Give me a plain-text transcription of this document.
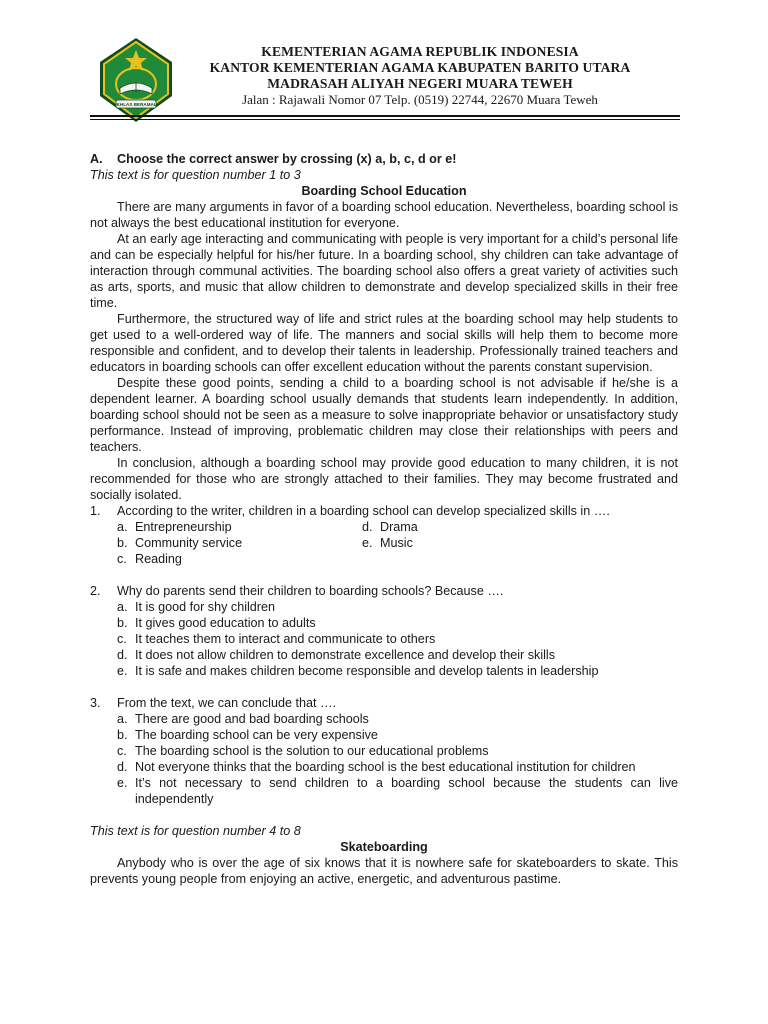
IKHLAS BERAMAL
KEMENTERIAN AGAMA REPUBLIK INDONESIA
KANTOR KEMENTERIAN AGAMA KABUPATEN BARITO UTARA
MADRASAH ALIYAH NEGERI MUARA TEWEH
Jalan : Rajawali Nomor 07 Telp. (0519) 22744, 22670 Muara Teweh

A. Choose the correct answer by crossing (x) a, b, c, d or e!

This text is for question number 1 to 3

Boarding School Education

There are many arguments in favor of a boarding school education. Nevertheless, boarding school is not always the best educational institution for everyone.

At an early age interacting and communicating with people is very important for a child’s personal life and can be especially helpful for his/her future. In a boarding school, shy children can take advantage of interaction through communal activities. The boarding school also offers a great variety of activities such as arts, sports, and music that allow children to demonstrate and develop specialized skills in their free time.

Furthermore, the structured way of life and strict rules at the boarding school may help students to get used to a well-ordered way of life. The manners and social skills will help them to become more responsible and confident, and to develop their talents in leadership. Professionally trained teachers and educators in boarding schools can offer excellent education without the parents constant supervision.

Despite these good points, sending a child to a boarding school is not advisable if he/she is a dependent learner. A boarding school usually demands that students learn independently. In addition, boarding school should not be seen as a measure to solve inappropriate behavior or unsatisfactory study performance. Instead of improving, problematic children may close their relationships with peers and teachers.

In conclusion, although a boarding school may provide good education to many children, it is not recommended for those who are strongly attached to their families. They may become frustrated and socially isolated.

1.	According to the writer, children in a boarding school can develop specialized skills in ….
a. Entrepreneurship	d. Drama
b. Community service	e. Music
c. Reading
2.	Why do parents send their children to boarding schools? Because ….
a. It is good for shy children
b. It gives good education to adults
c. It teaches them to interact and communicate to others
d. It does not allow children to demonstrate excellence and develop their skills
e. It is safe and makes children become responsible and develop talents in leadership
3.	From the text, we can conclude that ….
a. There are good and bad boarding schools
b. The boarding school can be very expensive
c. The boarding school is the solution to our educational problems
d. Not everyone thinks that the boarding school is the best educational institution for children
e. It’s not necessary to send children to a boarding school because the students can live independently

This text is for question number 4 to 8

Skateboarding

Anybody who is over the age of six knows that it is nowhere safe for skateboarders to skate. This prevents young people from enjoying an active, energetic, and adventurous pastime.
